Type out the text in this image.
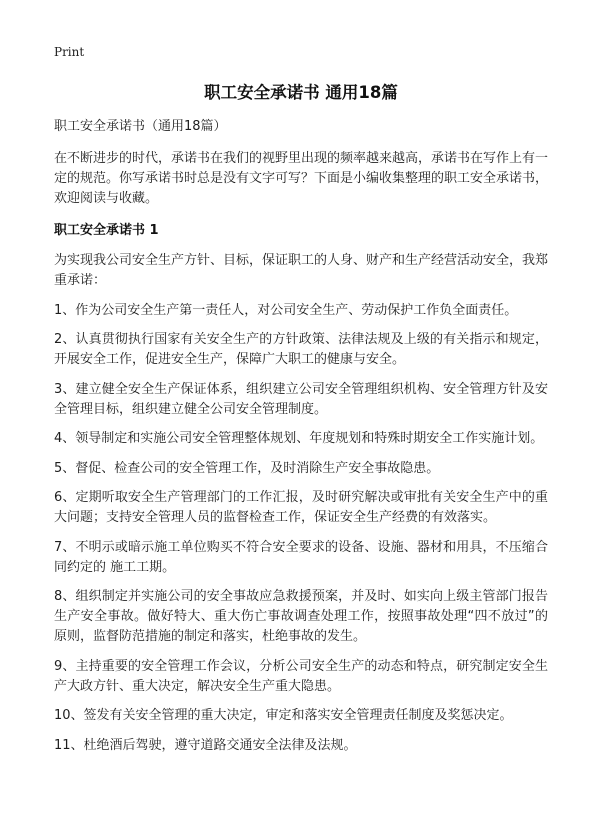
Print
职工安全承诺书 通用18篇
职工安全承诺书（通用18篇）
在不断进步的时代，承诺书在我们的视野里出现的频率越来越高，承诺书在写作上有一定的规范。你写承诺书时总是没有文字可写？下面是小编收集整理的职工安全承诺书，欢迎阅读与收藏。
职工安全承诺书 1
为实现我公司安全生产方针、目标，保证职工的人身、财产和生产经营活动安全，我郑重承诺：
1、作为公司安全生产第一责任人，对公司安全生产、劳动保护工作负全面责任。
2、认真贯彻执行国家有关安全生产的方针政策、法律法规及上级的有关指示和规定，开展安全工作，促进安全生产，保障广大职工的健康与安全。
3、建立健全安全生产保证体系，组织建立公司安全管理组织机构、安全管理方针及安全管理目标，组织建立健全公司安全管理制度。
4、领导制定和实施公司安全管理整体规划、年度规划和特殊时期安全工作实施计划。
5、督促、检查公司的安全管理工作，及时消除生产安全事故隐患。
6、定期听取安全生产管理部门的工作汇报，及时研究解决或审批有关安全生产中的重大问题；支持安全管理人员的监督检查工作，保证安全生产经费的有效落实。
7、不明示或暗示施工单位购买不符合安全要求的设备、设施、器材和用具，不压缩合同约定的 施工工期。
8、组织制定并实施公司的安全事故应急救援预案，并及时、如实向上级主管部门报告生产安全事故。做好特大、重大伤亡事故调查处理工作，按照事故处理“四不放过”的原则，监督防范措施的制定和落实，杜绝事故的发生。
9、主持重要的安全管理工作会议，分析公司安全生产的动态和特点，研究制定安全生产大政方针、重大决定，解决安全生产重大隐患。
10、签发有关安全管理的重大决定，审定和落实安全管理责任制度及奖惩决定。
11、杜绝酒后驾驶，遵守道路交通安全法律及法规。
